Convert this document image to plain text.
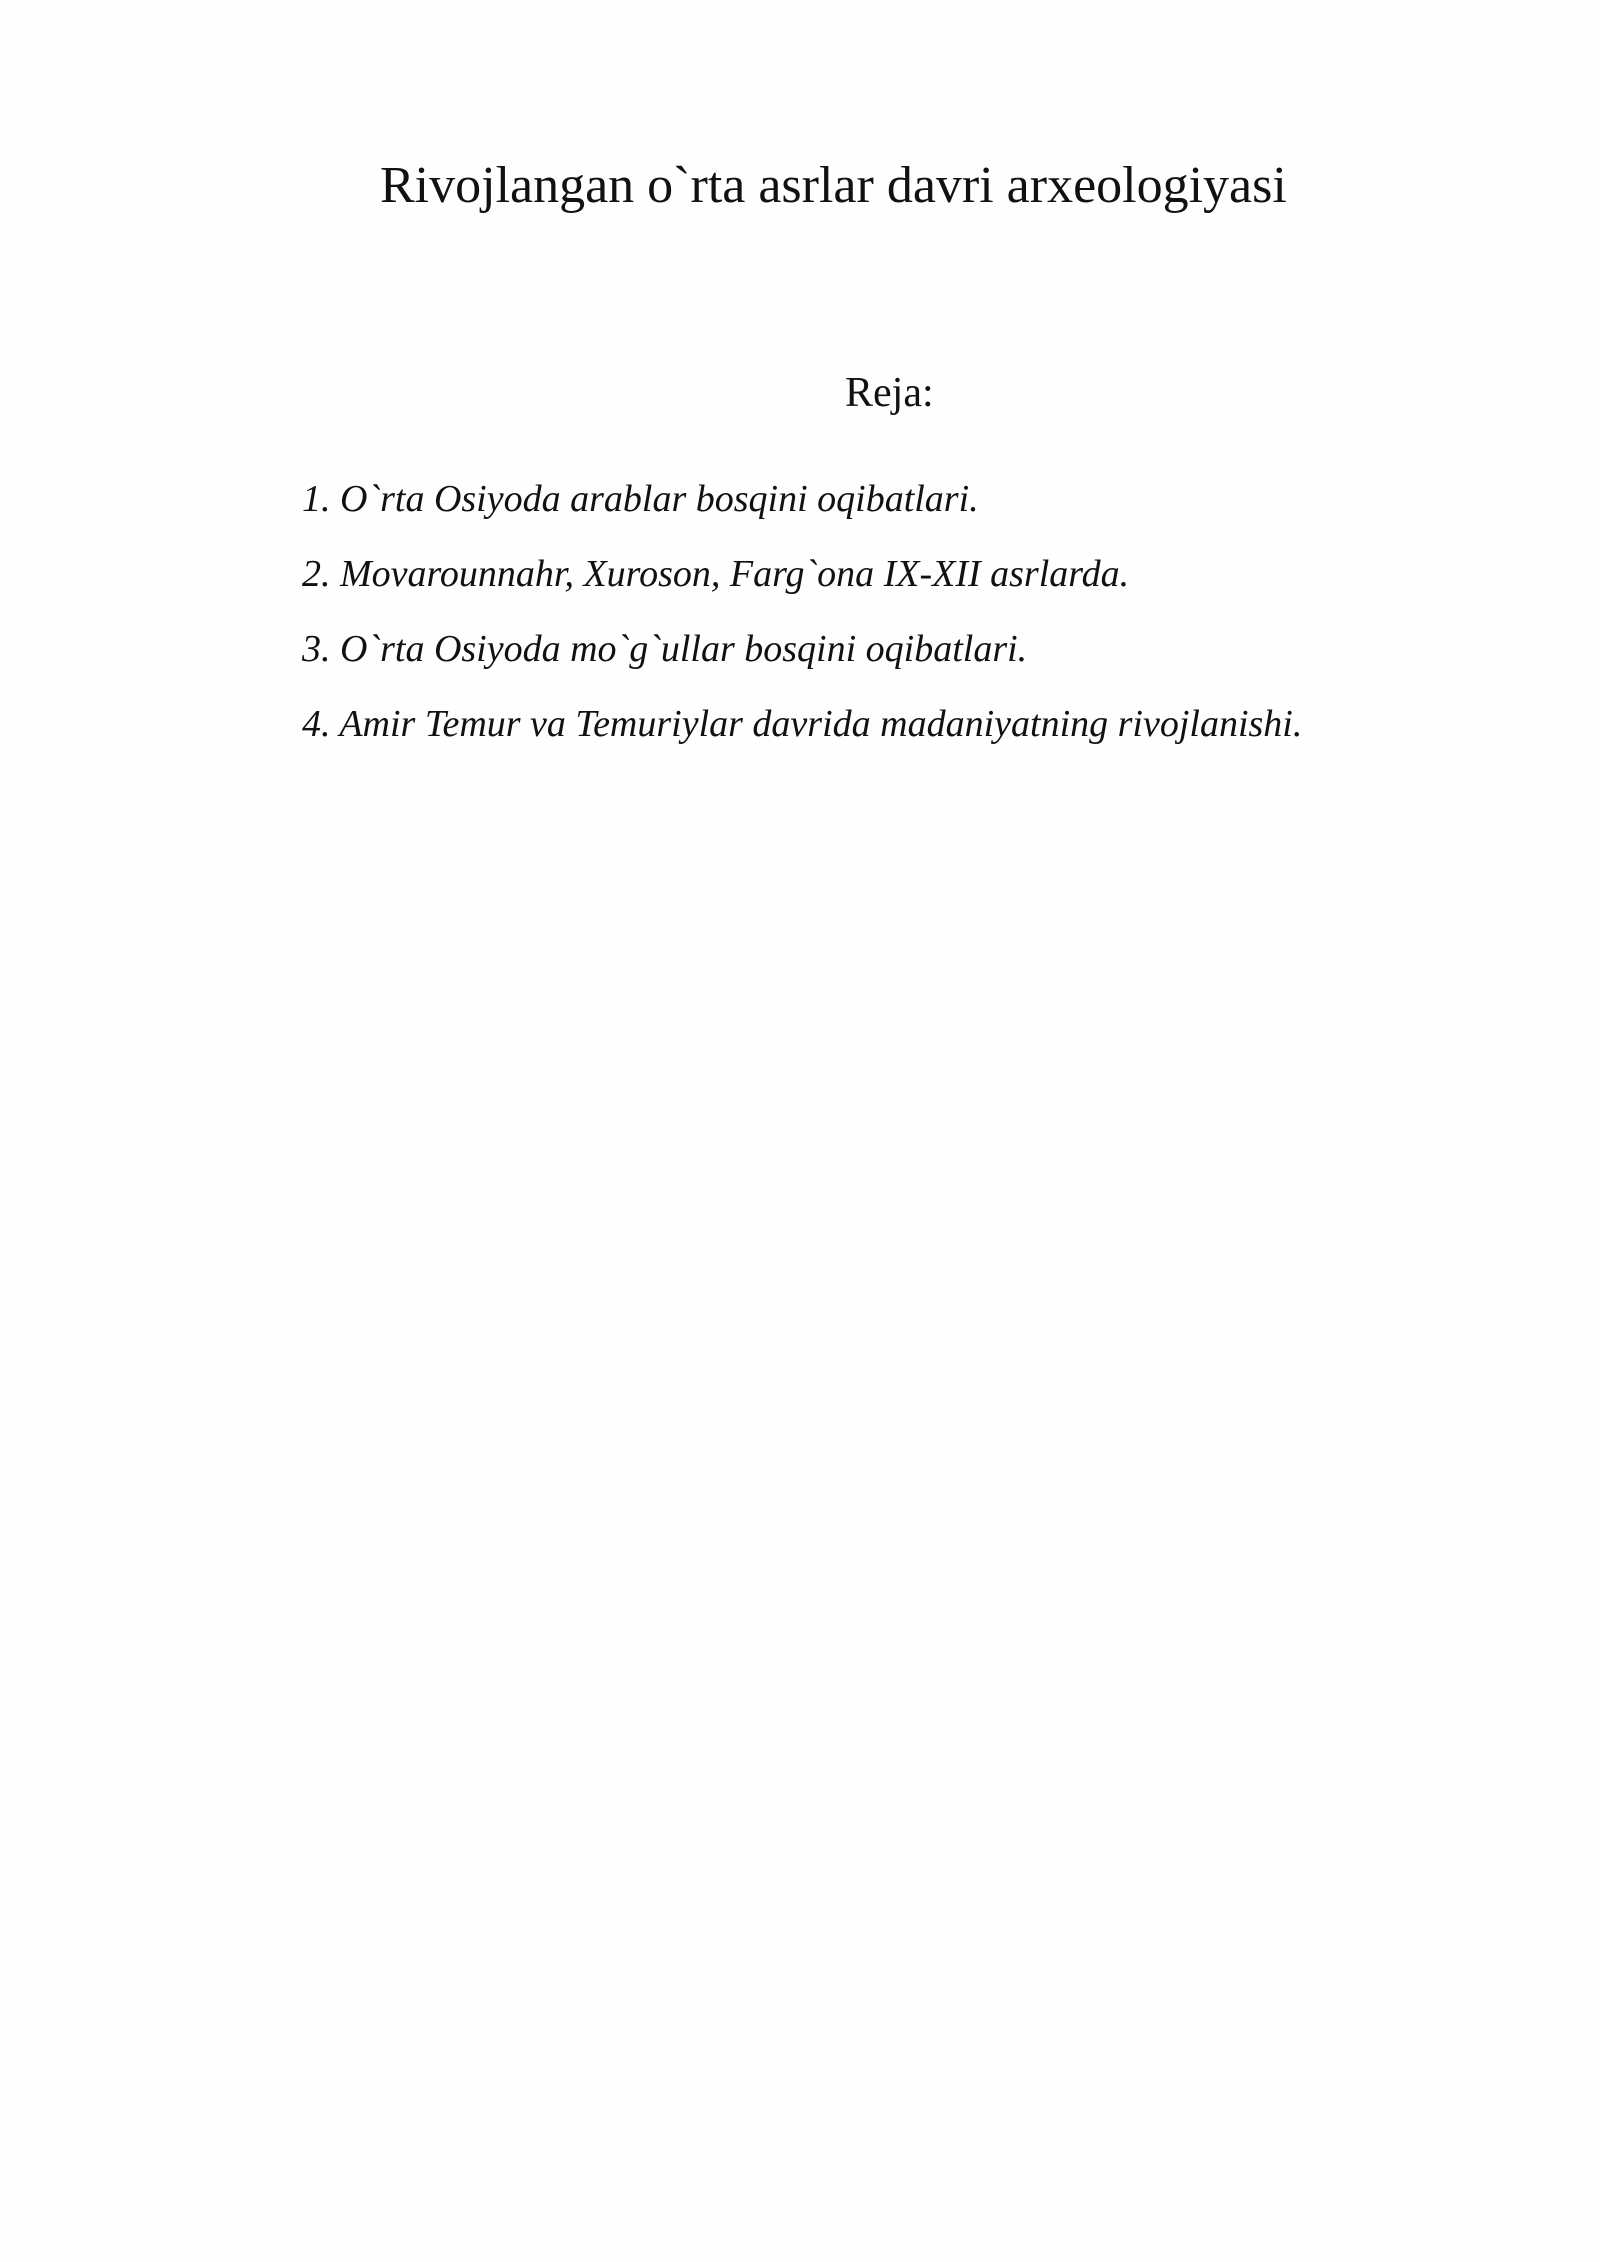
Rivojlangan o`rta asrlar davri arxeologiyasi
Reja:
1. O`rta Osiyoda arablar bosqini oqibatlari.
2. Movarounnahr, Xuroson, Farg`ona IX-XII asrlarda.
3. O`rta Osiyoda mo`g`ullar bosqini oqibatlari.
4. Amir Temur va Temuriylar davrida madaniyatning rivojlanishi.
